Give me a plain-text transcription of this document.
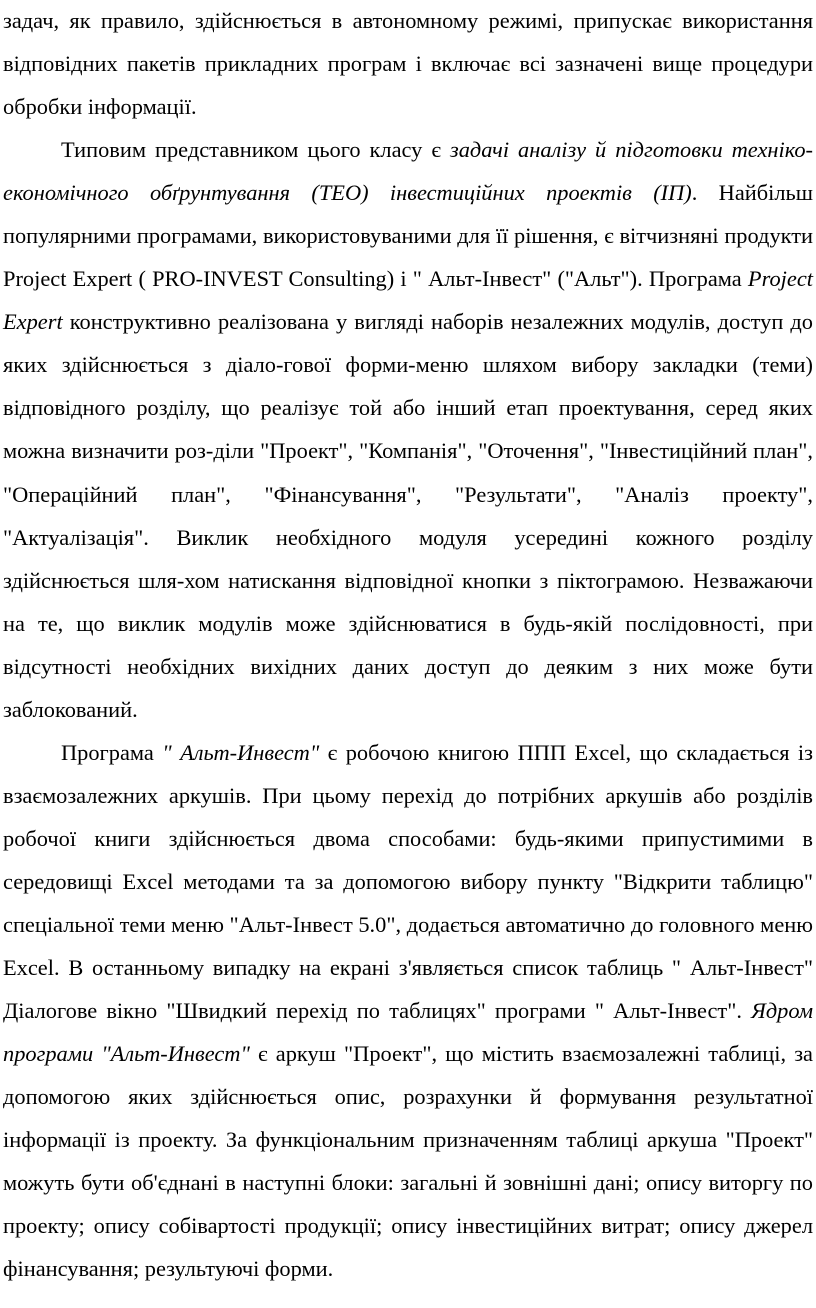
задач, як правило, здійснюється в автономному режимі, припускає використання відповідних пакетів прикладних програм і включає всі зазначені вище процедури обробки інформації.

Типовим представником цього класу є задачі аналізу й підготовки техніко-економічного обґрунтування (ТЕО) інвестиційних проектів (ІП). Найбільш популярними програмами, використовуваними для її рішення, є вітчизняні продукти Project Expert ( PRO-INVEST Consulting) і " Альт-Інвест" ("Альт"). Програма Project Expert конструктивно реалізована у вигляді наборів незалежних модулів, доступ до яких здійснюється з діало-гової форми-меню шляхом вибору закладки (теми) відповідного розділу, що реалізує той або інший етап проектування, серед яких можна визначити роз-діли "Проект", "Компанія", "Оточення", "Інвестиційний план", "Операційний план", "Фінансування", "Результати", "Аналіз проекту", "Актуалізація". Виклик необхідного модуля усередині кожного розділу здійснюється шля-хом натискання відповідної кнопки з піктограмою. Незважаючи на те, що виклик модулів може здійснюватися в будь-якій послідовності, при відсутності необхідних вихідних даних доступ до деяким з них може бути заблокований.

Програма " Альт-Инвест" є робочою книгою ППП Excel, що складається із взаємозалежних аркушів. При цьому перехід до потрібних аркушів або розділів робочої книги здійснюється двома способами: будь-якими припустимими в середовищі Excel методами та за допомогою вибору пункту "Відкрити таблицю" спеціальної теми меню "Альт-Інвест 5.0", додається автоматично до головного меню Excel. В останньому випадку на екрані з'являється список таблиць " Альт-Інвест" Діалогове вікно "Швидкий перехід по таблицях" програми " Альт-Інвест". Ядром програми "Альт-Инвест" є аркуш "Проект", що містить взаємозалежні таблиці, за допомогою яких здійснюється опис, розрахунки й формування результатної інформації із проекту. За функціональним призначенням таблиці аркуша "Проект" можуть бути об'єднані в наступні блоки: загальні й зовнішні дані; опису виторгу по проекту; опису собівартості продукції; опису інвестиційних витрат; опису джерел фінансування; результуючі форми.
